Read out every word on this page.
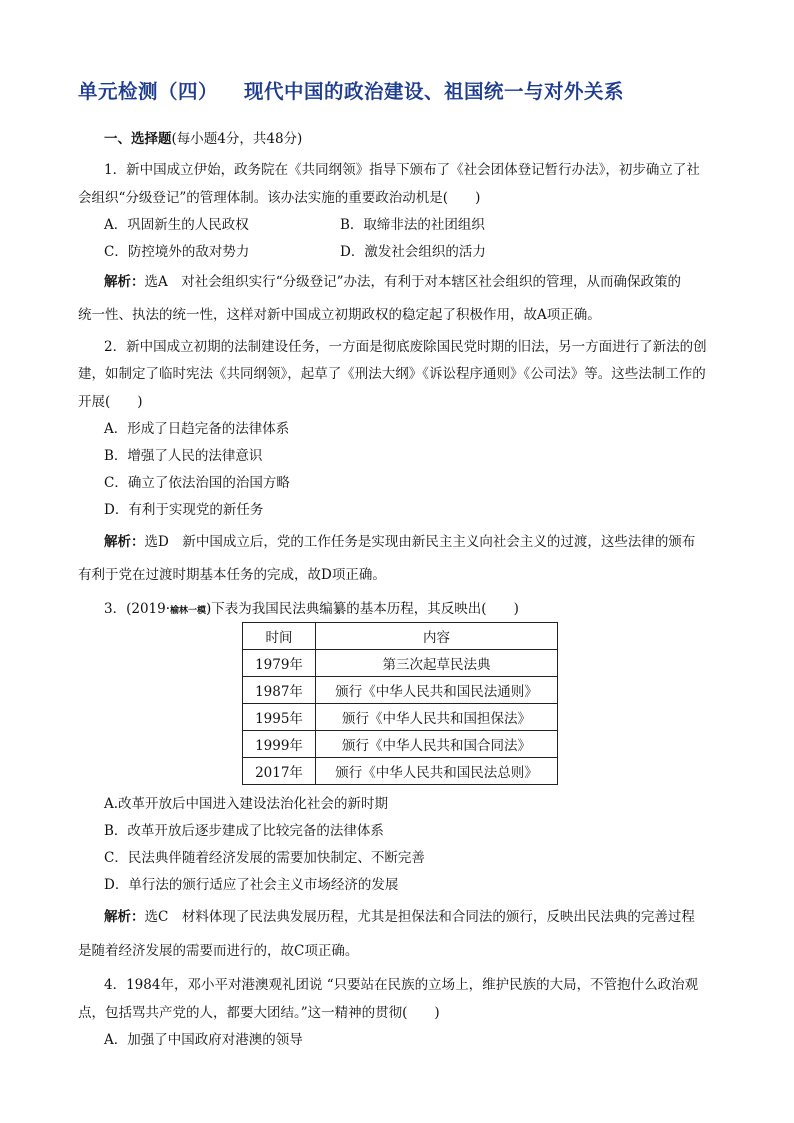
单元检测（四） 现代中国的政治建设、祖国统一与对外关系
一、选择题(每小题4分，共48分)
1．新中国成立伊始，政务院在《共同纲领》指导下颁布了《社会团体登记暂行办法》，初步确立了社
会组织“分级登记”的管理体制。该办法实施的重要政治动机是(　　)
A．巩固新生的人民政权	B．取缔非法的社团组织
C．防控境外的敌对势力	D．激发社会组织的活力
解析：选A　对社会组织实行“分级登记”办法，有利于对本辖区社会组织的管理，从而确保政策的
统一性、执法的统一性，这样对新中国成立初期政权的稳定起了积极作用，故A项正确。
2．新中国成立初期的法制建设任务，一方面是彻底废除国民党时期的旧法，另一方面进行了新法的创
建，如制定了临时宪法《共同纲领》，起草了《刑法大纲》《诉讼程序通则》《公司法》等。这些法制工作的
开展(　　)
A．形成了日趋完备的法律体系
B．增强了人民的法律意识
C．确立了依法治国的治国方略
D．有利于实现党的新任务
解析：选D　新中国成立后，党的工作任务是实现由新民主主义向社会主义的过渡，这些法律的颁布
有利于党在过渡时期基本任务的完成，故D项正确。
3．(2019·榆林一模)下表为我国民法典编纂的基本历程，其反映出(　　)
时间	内容
1979年	第三次起草民法典
1987年	颁行《中华人民共和国民法通则》
1995年	颁行《中华人民共和国担保法》
1999年	颁行《中华人民共和国合同法》
2017年	颁行《中华人民共和国民法总则》
A.改革开放后中国进入建设法治化社会的新时期
B．改革开放后逐步建成了比较完备的法律体系
C．民法典伴随着经济发展的需要加快制定、不断完善
D．单行法的颁行适应了社会主义市场经济的发展
解析：选C　材料体现了民法典发展历程，尤其是担保法和合同法的颁行，反映出民法典的完善过程
是随着经济发展的需要而进行的，故C项正确。
4．1984年，邓小平对港澳观礼团说 “只要站在民族的立场上，维护民族的大局，不管抱什么政治观
点，包括骂共产党的人，都要大团结。”这一精神的贯彻(　　)
A．加强了中国政府对港澳的领导
